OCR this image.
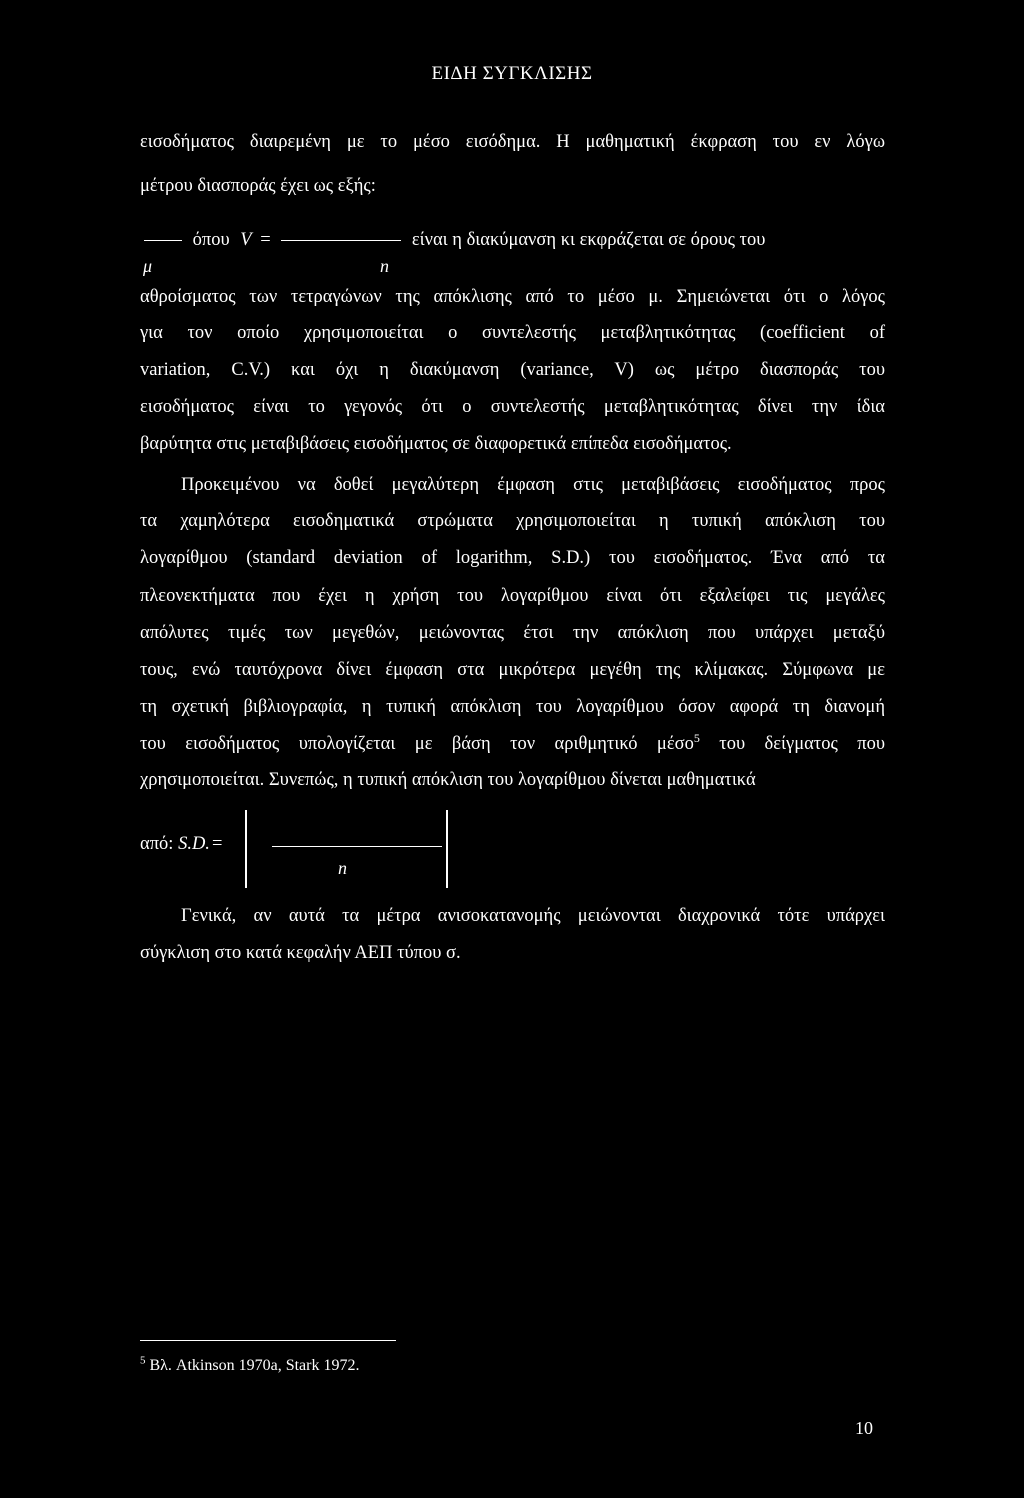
ΕΙΔΗ ΣΥΓΚΛΙΣΗΣ
εισοδήματος διαιρεμένη με το μέσο εισόδημα. Η μαθηματική έκφραση του εν λόγω
μέτρου διασποράς έχει ως εξής:
όπου V =	είναι η διακύμανση κι εκφράζεται σε όρους του
μ	n
αθροίσματος των τετραγώνων της απόκλισης από το μέσο μ. Σημειώνεται ότι ο λόγος
για τον οποίο χρησιμοποιείται ο συντελεστής μεταβλητικότητας (coefficient of
variation, C.V.) και όχι η διακύμανση (variance, V) ως μέτρο διασποράς του
εισοδήματος είναι το γεγονός ότι ο συντελεστής μεταβλητικότητας δίνει την ίδια
βαρύτητα στις μεταβιβάσεις εισοδήματος σε διαφορετικά επίπεδα εισοδήματος.
Προκειμένου να δοθεί μεγαλύτερη έμφαση στις μεταβιβάσεις εισοδήματος προς
τα χαμηλότερα εισοδηματικά στρώματα χρησιμοποιείται η τυπική απόκλιση του
λογαρίθμου (standard deviation of logarithm, S.D.) του εισοδήματος. Ένα από τα
πλεονεκτήματα που έχει η χρήση του λογαρίθμου είναι ότι εξαλείφει τις μεγάλες
απόλυτες τιμές των μεγεθών, μειώνοντας έτσι την απόκλιση που υπάρχει μεταξύ
τους, ενώ ταυτόχρονα δίνει έμφαση στα μικρότερα μεγέθη της κλίμακας. Σύμφωνα με
τη σχετική βιβλιογραφία, η τυπική απόκλιση του λογαρίθμου όσον αφορά τη διανομή
του εισοδήματος υπολογίζεται με βάση τον αριθμητικό μέσο$^5$ του δείγματος που
χρησιμοποιείται. Συνεπώς, η τυπική απόκλιση του λογαρίθμου δίνεται μαθηματικά
από: S.D. =
n
Γενικά, αν αυτά τα μέτρα ανισοκατανομής μειώνονται διαχρονικά τότε υπάρχει
σύγκλιση στο κατά κεφαλήν ΑΕΠ τύπου σ.
$^5$ Βλ. Atkinson 1970a, Stark 1972.
10
